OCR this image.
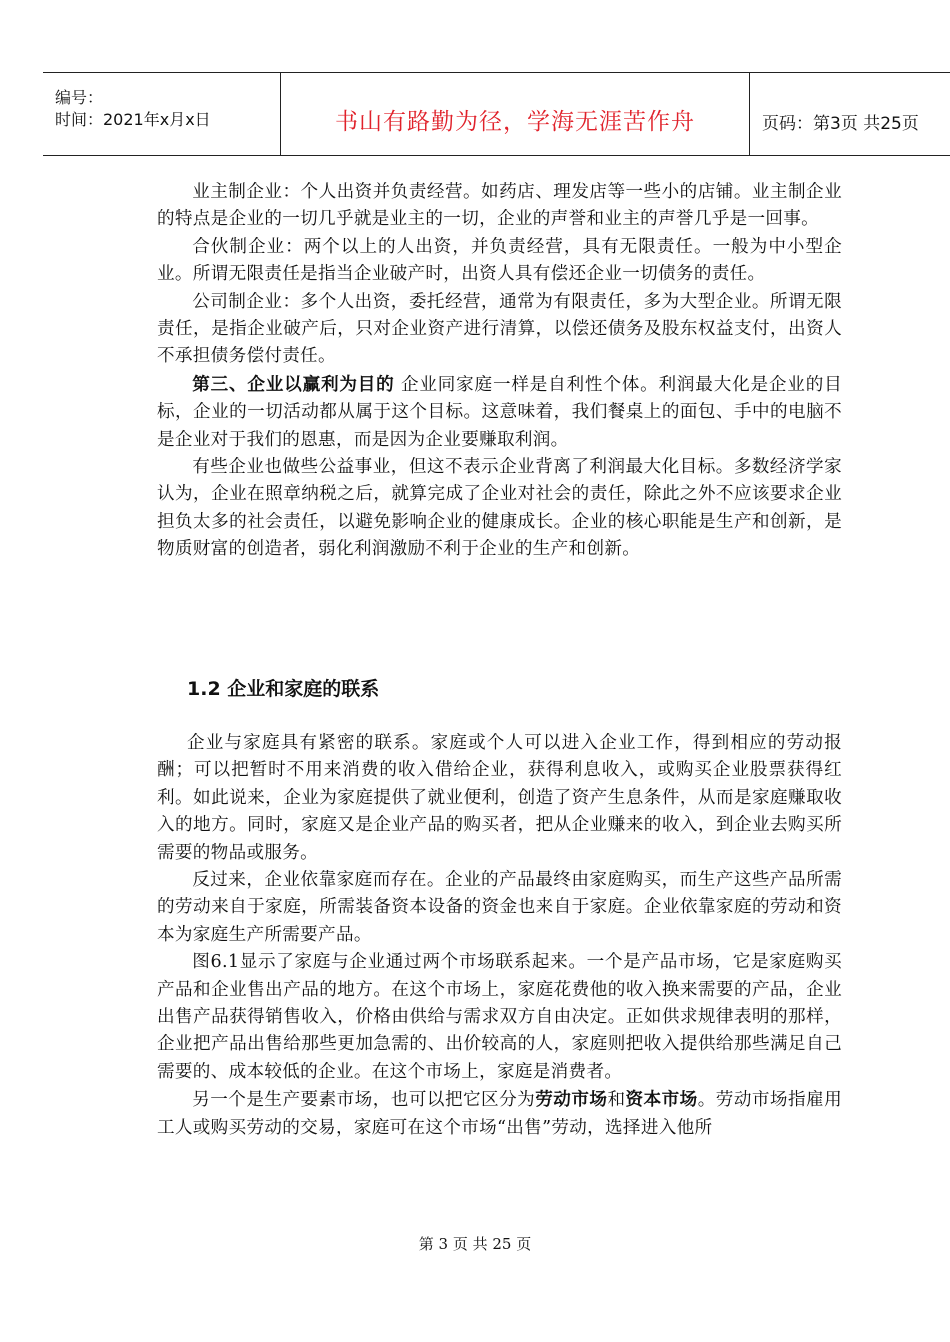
编号：
时间：2021年x月x日	书山有路勤为径，学海无涯苦作舟	页码：第3页 共25页

业主制企业：个人出资并负责经营。如药店、理发店等一些小的店铺。业主制企业的特点是企业的一切几乎就是业主的一切，企业的声誉和业主的声誉几乎是一回事。

合伙制企业：两个以上的人出资，并负责经营，具有无限责任。一般为中小型企业。所谓无限责任是指当企业破产时，出资人具有偿还企业一切债务的责任。

公司制企业：多个人出资，委托经营，通常为有限责任，多为大型企业。所谓无限责任，是指企业破产后，只对企业资产进行清算，以偿还债务及股东权益支付，出资人不承担债务偿付责任。

第三、企业以赢利为目的 企业同家庭一样是自利性个体。利润最大化是企业的目标，企业的一切活动都从属于这个目标。这意味着，我们餐桌上的面包、手中的电脑不是企业对于我们的恩惠，而是因为企业要赚取利润。

有些企业也做些公益事业，但这不表示企业背离了利润最大化目标。多数经济学家认为，企业在照章纳税之后，就算完成了企业对社会的责任，除此之外不应该要求企业担负太多的社会责任，以避免影响企业的健康成长。企业的核心职能是生产和创新，是物质财富的创造者，弱化利润激励不利于企业的生产和创新。

1.2 企业和家庭的联系

企业与家庭具有紧密的联系。家庭或个人可以进入企业工作，得到相应的劳动报酬；可以把暂时不用来消费的收入借给企业，获得利息收入，或购买企业股票获得红利。如此说来，企业为家庭提供了就业便利，创造了资产生息条件，从而是家庭赚取收入的地方。同时，家庭又是企业产品的购买者，把从企业赚来的收入，到企业去购买所需要的物品或服务。

反过来，企业依靠家庭而存在。企业的产品最终由家庭购买，而生产这些产品所需的劳动来自于家庭，所需装备资本设备的资金也来自于家庭。企业依靠家庭的劳动和资本为家庭生产所需要产品。

图6.1显示了家庭与企业通过两个市场联系起来。一个是产品市场，它是家庭购买产品和企业售出产品的地方。在这个市场上，家庭花费他的收入换来需要的产品，企业出售产品获得销售收入，价格由供给与需求双方自由决定。正如供求规律表明的那样，企业把产品出售给那些更加急需的、出价较高的人，家庭则把收入提供给那些满足自己需要的、成本较低的企业。在这个市场上，家庭是消费者。

另一个是生产要素市场，也可以把它区分为劳动市场和资本市场。劳动市场指雇用工人或购买劳动的交易，家庭可在这个市场“出售”劳动，选择进入他所

第 3 页 共 25 页
